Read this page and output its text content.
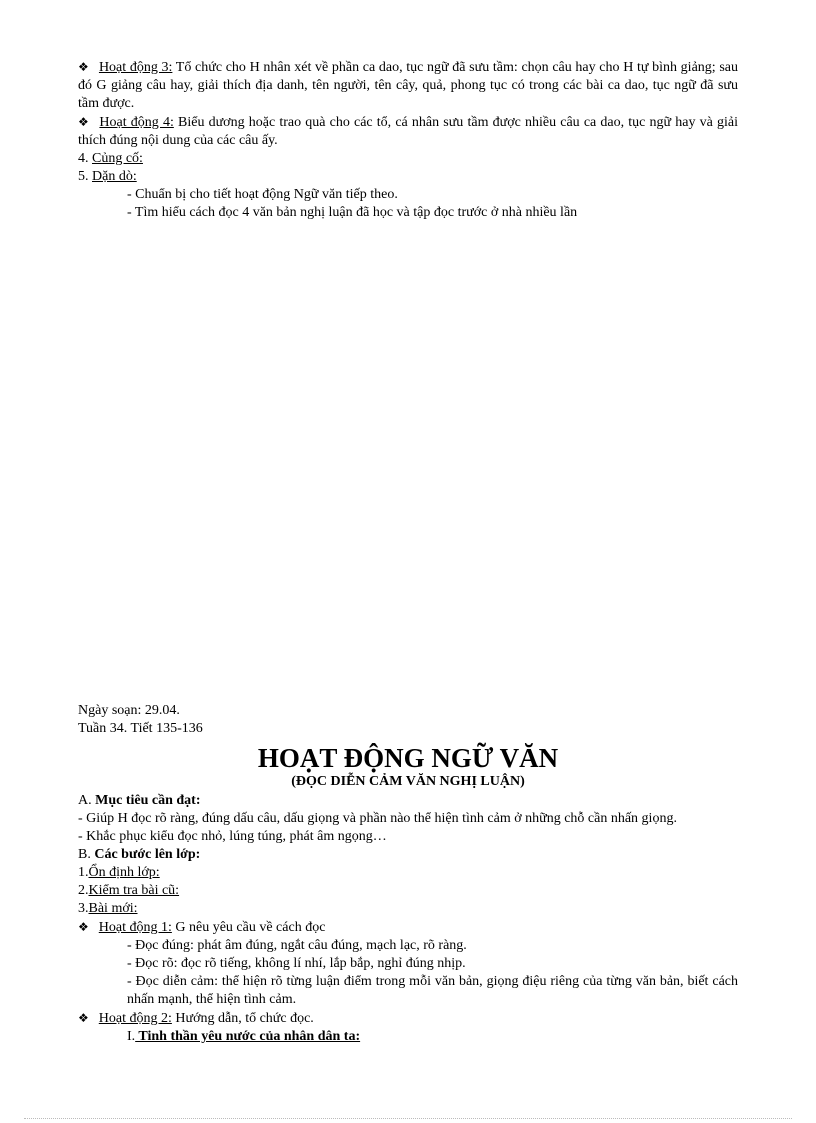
❖ Hoạt động 3: Tổ chức cho H nhân xét về phần ca dao, tục ngữ đã sưu tầm: chọn câu hay cho H tự bình giảng; sau đó G giảng câu hay, giải thích địa danh, tên người, tên cây, quả, phong tục có trong các bài ca dao, tục ngữ đã sưu tầm được.

❖ Hoạt động 4: Biểu dương hoặc trao quà cho các tổ, cá nhân sưu tầm được nhiều câu ca dao, tục ngữ hay và giải thích đúng nội dung của các câu ấy.

4. Củng cố:

5. Dặn dò:

- Chuẩn bị cho tiết hoạt động Ngữ văn tiếp theo.

- Tìm hiểu cách đọc 4 văn bản nghị luận đã học và tập đọc trước ở nhà nhiều lần

Ngày soạn: 29.04.

Tuần 34. Tiết 135-136

HOẠT ĐỘNG NGỮ VĂN

(ĐỌC DIỄN CẢM VĂN NGHỊ LUẬN)

A. Mục tiêu cần đạt:

- Giúp H đọc rõ ràng, đúng dấu câu, dấu giọng và phần nào thể hiện tình cảm ở những chỗ cần nhấn giọng.

- Khắc phục kiểu đọc nhỏ, lúng túng, phát âm ngọng…

B. Các bước lên lớp:

1.Ổn định lớp:

2.Kiểm tra bài cũ:

3.Bài mới:

❖ Hoạt động 1: G nêu yêu cầu về cách đọc

- Đọc đúng: phát âm đúng, ngắt câu đúng, mạch lạc, rõ ràng.

- Đọc rõ: đọc rõ tiếng, không lí nhí, lắp bắp, nghỉ đúng nhịp.

- Đọc diễn cảm: thể hiện rõ từng luận điểm trong mỗi văn bản, giọng điệu riêng của từng văn bản, biết cách nhấn mạnh, thể hiện tình cảm.

❖ Hoạt động 2: Hướng dẫn, tổ chức đọc.

I. Tinh thần yêu nước của nhân dân ta:
